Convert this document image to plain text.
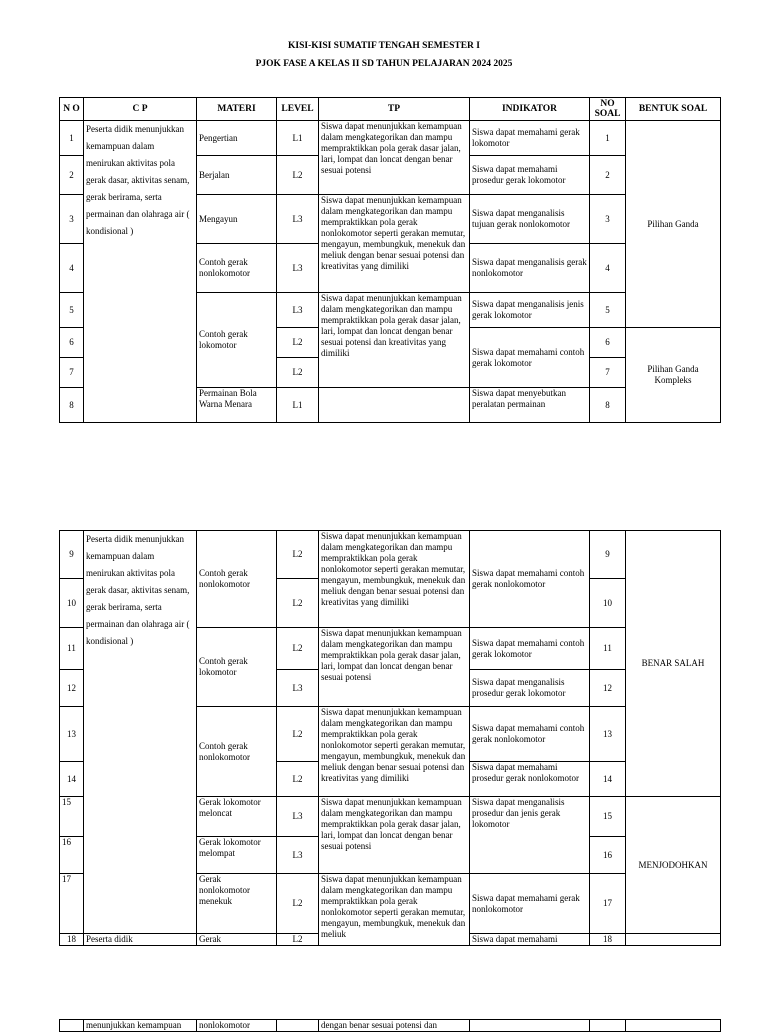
KISI-KISI SUMATIF TENGAH SEMESTER I
PJOK FASE A KELAS II SD TAHUN PELAJARAN 2024 2025
N O	C P	MATERI	LEVEL	TP	INDIKATOR	NO SOAL	BENTUK SOAL
1	Peserta didik menunjukkan kemampuan dalam menirukan aktivitas pola gerak dasar, aktivitas senam, gerak berirama, serta permainan dan olahraga air ( kondisional )	Pengertian	L1	Siswa dapat menunjukkan kemampuan dalam mengkategorikan dan mampu mempraktikkan pola gerak dasar jalan, lari, lompat dan loncat dengan benar sesuai potensi	Siswa dapat memahami gerak lokomotor	1	Pilihan Ganda
2		Berjalan	L2		Siswa dapat memahami prosedur gerak lokomotor	2	
3		Mengayun	L3	Siswa dapat menunjukkan kemampuan dalam mengkategorikan dan mampu mempraktikkan pola gerak nonlokomotor seperti gerakan memutar, mengayun, membungkuk, menekuk dan meliuk dengan benar sesuai potensi dan kreativitas yang dimiliki	Siswa dapat menganalisis tujuan gerak nonlokomotor	3	
4		Contoh gerak nonlokomotor	L3		Siswa dapat menganalisis gerak nonlokomotor	4	
5		Contoh gerak lokomotor	L3	Siswa dapat menunjukkan kemampuan dalam mengkategorikan dan mampu mempraktikkan pola gerak dasar jalan, lari, lompat dan loncat dengan benar sesuai potensi dan kreativitas yang dimiliki	Siswa dapat menganalisis jenis gerak lokomotor	5	
6			L2		Siswa dapat memahami contoh gerak lokomotor	6	Pilihan Ganda Kompleks
7			L2			7	
8		Permainan Bola Warna Menara	L1		Siswa dapat menyebutkan peralatan permainan	8	
9	Peserta didik menunjukkan kemampuan dalam menirukan aktivitas pola gerak dasar, aktivitas senam, gerak berirama, serta permainan dan olahraga air ( kondisional )	Contoh gerak nonlokomotor	L2	Siswa dapat menunjukkan kemampuan dalam mengkategorikan dan mampu mempraktikkan pola gerak nonlokomotor seperti gerakan memutar, mengayun, membungkuk, menekuk dan meliuk dengan benar sesuai potensi dan kreativitas yang dimiliki	Siswa dapat memahami contoh gerak nonlokomotor	9	BENAR SALAH
10			L2			10	
11		Contoh gerak lokomotor	L2	Siswa dapat menunjukkan kemampuan dalam mengkategorikan dan mampu mempraktikkan pola gerak dasar jalan, lari, lompat dan loncat dengan benar sesuai potensi	Siswa dapat memahami contoh gerak lokomotor	11	
12			L3		Siswa dapat menganalisis prosedur gerak lokomotor	12	
13		Contoh gerak nonlokomotor	L2	Siswa dapat menunjukkan kemampuan dalam mengkategorikan dan mampu mempraktikkan pola gerak nonlokomotor seperti gerakan memutar, mengayun, membungkuk, menekuk dan meliuk dengan benar sesuai potensi dan kreativitas yang dimiliki	Siswa dapat memahami contoh gerak nonlokomotor	13	
14			L2		Siswa dapat memahami prosedur gerak nonlokomotor	14	
15		Gerak lokomotor meloncat	L3	Siswa dapat menunjukkan kemampuan dalam mengkategorikan dan mampu mempraktikkan pola gerak dasar jalan, lari, lompat dan loncat dengan benar sesuai potensi	Siswa dapat menganalisis prosedur dan jenis gerak lokomotor	15	MENJODOHKAN
16		Gerak lokomotor melompat	L3			16	
17		Gerak nonlokomotor menekuk	L2	Siswa dapat menunjukkan kemampuan dalam mengkategorikan dan mampu mempraktikkan pola gerak nonlokomotor seperti gerakan memutar, mengayun, membungkuk, menekuk dan meliuk	Siswa dapat memahami gerak nonlokomotor	17	
18	Peserta didik	Gerak	L2		Siswa dapat memahami	18	
	menunjukkan kemampuan	nonlokomotor		dengan benar sesuai potensi dan			
